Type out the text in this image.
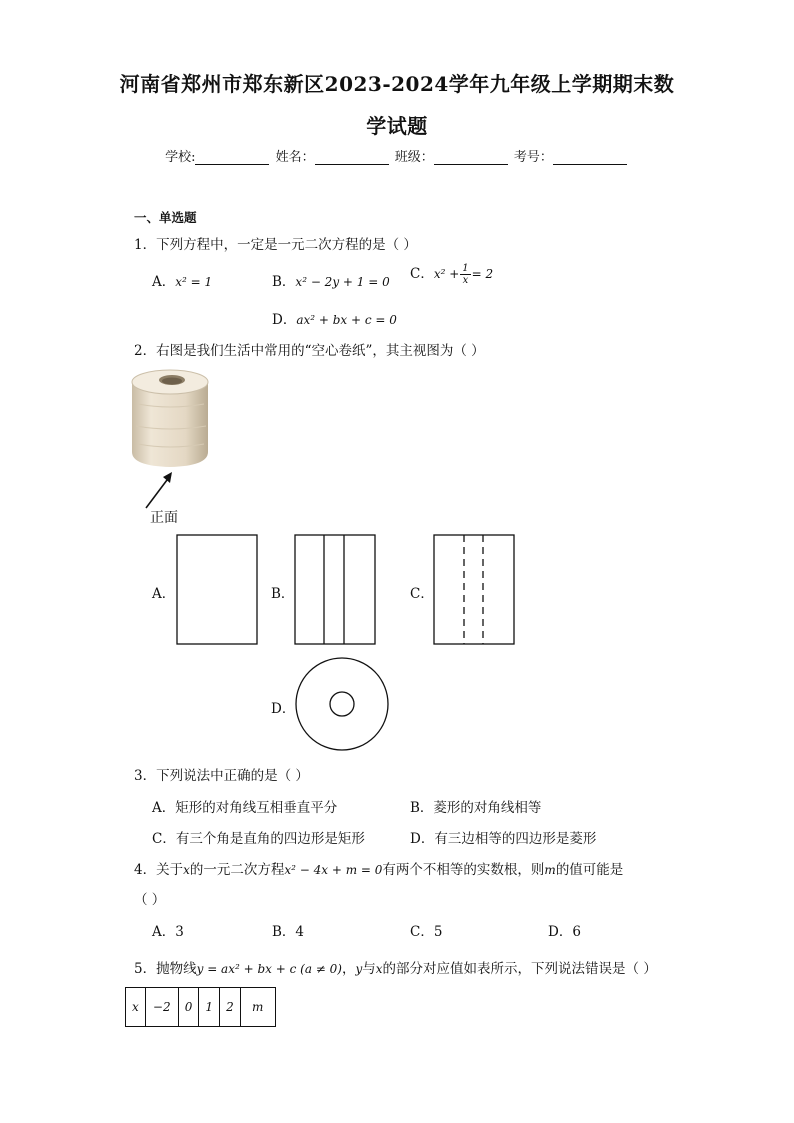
河南省郑州市郑东新区2023-2024学年九年级上学期期末数
学试题
学校:	姓名：	班级：	考号：
一、单选题
1．下列方程中，一定是一元二次方程的是（ ）
A．x² = 1	B．x² − 2y + 1 = 0 C．$x^2 + \frac{1}{x} = 2$
D．ax² + bx + c = 0
2．右图是我们生活中常用的“空心卷纸”，其主视图为（ ）
正面
A．	B．	C．
D．
3．下列说法中正确的是（ ）
A．矩形的对角线互相垂直平分	B．菱形的对角线相等
C．有三个角是直角的四边形是矩形	D．有三边相等的四边形是菱形
4．关于x的一元二次方程x² − 4x + m = 0有两个不相等的实数根，则m的值可能是
（ ）
A．3	B．4	C．5	D．6
5．抛物线y = ax² + bx + c (a ≠ 0)，y与x的部分对应值如表所示，下列说法错误是（ ）
x	−2	0	1	2	m
